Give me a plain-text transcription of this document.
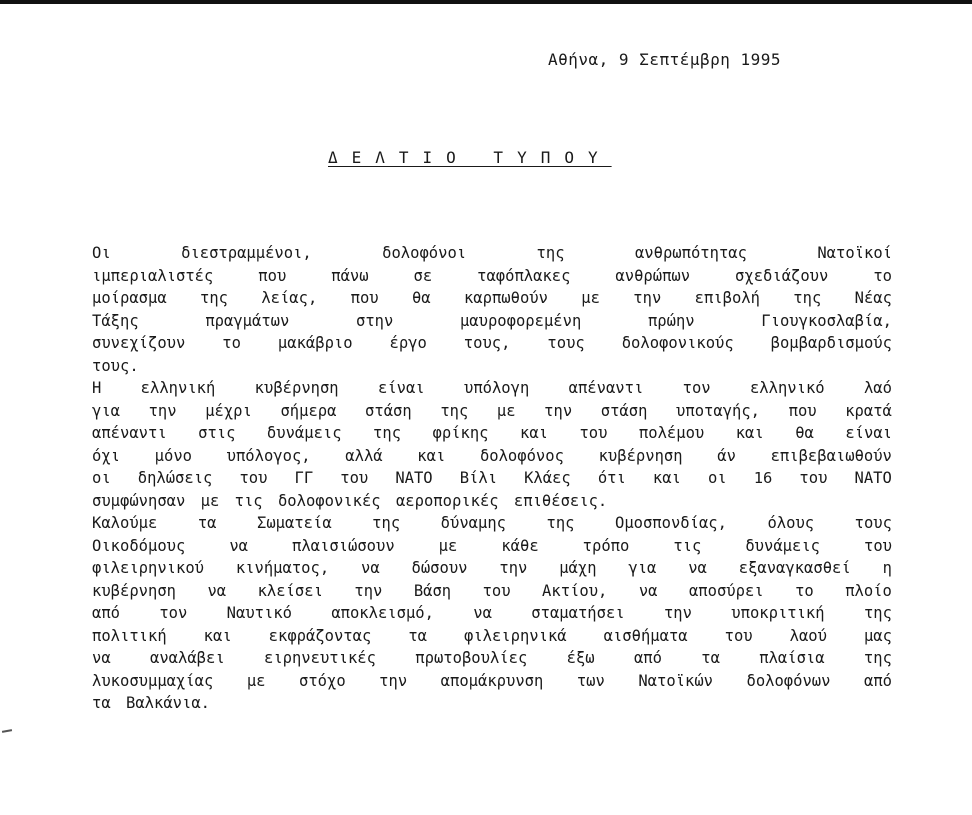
Αθήνα, 9 Σεπτέμβρη 1995
ΔΕΛΤΙΟ ΤΥΠΟΥ
Οι	διεστραμμένοι,	δολοφόνοι	της	ανθρωπότητας	Νατοϊκοί
ιμπεριαλιστές	που	πάνω	σε	ταφόπλακες	ανθρώπων	σχεδιάζουν	το
μοίρασμα της λείας, που θα καρπωθούν με την επιβολή της Νέας
Τάξης	πραγμάτων	στην	μαυροφορεμένη	πρώην	Γιουγκοσλαβία,
συνεχίζουν το μακάβριο έργο τους, τους δολοφονικούς βομβαρδισμούς
τους.
Η	ελληνική	κυβέρνηση	είναι	υπόλογη	απέναντι	τον	ελληνικό	λαό
για την μέχρι σήμερα στάση της με την στάση υποταγής, που κρατά
απέναντι στις δυνάμεις της φρίκης και του πολέμου και θα είναι
όχι μόνο υπόλογος, αλλά και δολοφόνος κυβέρνηση άν επιβεβαιωθούν
οι δηλώσεις του ΓΓ του ΝΑΤΟ Βίλι Κλάες ότι και οι 16 του ΝΑΤΟ
συμφώνησαν με τις δολοφονικές αεροπορικές επιθέσεις.
Καλούμε	τα	Σωματεία	της	δύναμης	της	Ομοσπονδίας,	όλους	τους
Οικοδόμους	να	πλαισιώσουν	με	κάθε	τρόπο	τις	δυνάμεις	του
φιλειρηνικού κινήματος, να δώσουν την μάχη για να εξαναγκασθεί η
κυβέρνηση να κλείσει την Βάση του Ακτίου, να αποσύρει το πλοίο
από	τον	Ναυτικό	αποκλεισμό,	να	σταματήσει	την	υποκριτική	της
πολιτική και εκφράζοντας τα φιλειρηνικά αισθήματα του λαού μας
να	αναλάβει	ειρηνευτικές	πρωτοβουλίες	έξω	από	τα	πλαίσια	της
λυκοσυμμαχίας με στόχο την απομάκρυνση των Νατοϊκών δολοφόνων από
τα Βαλκάνια.
